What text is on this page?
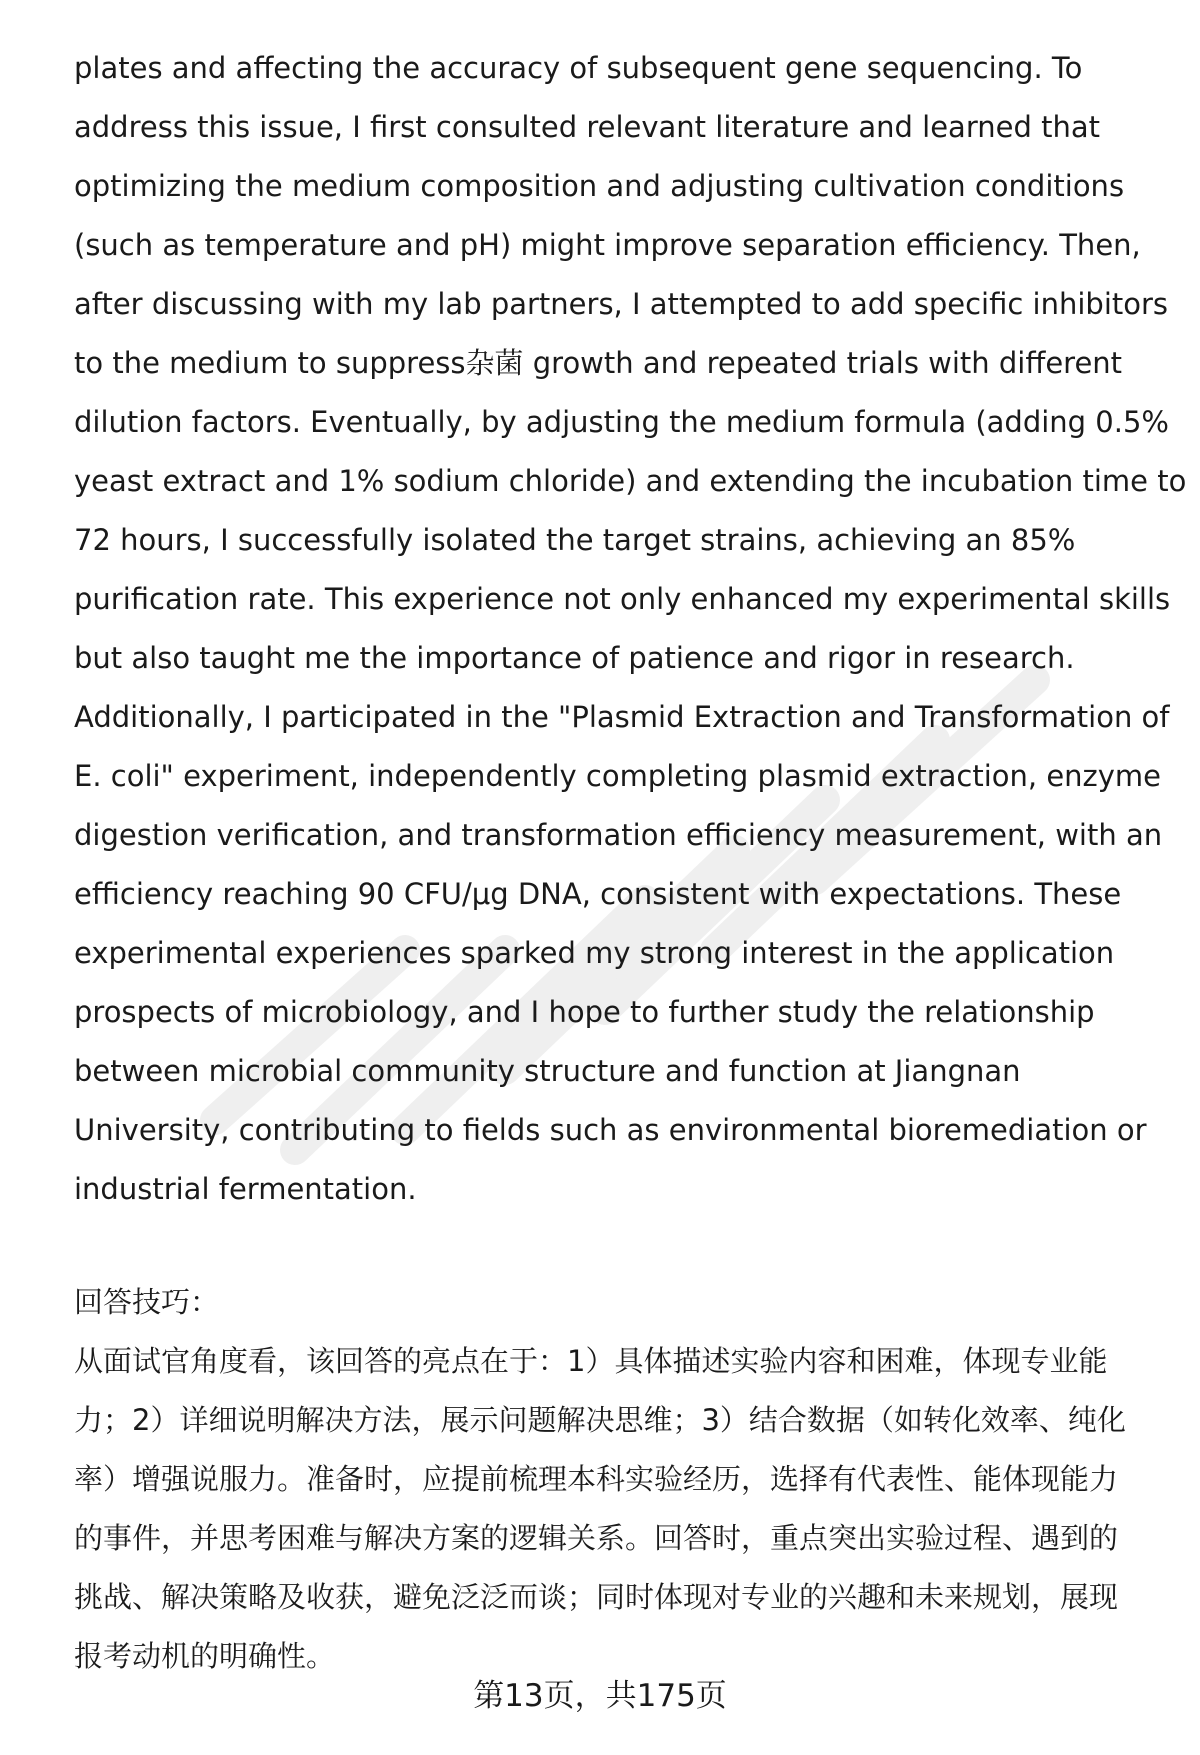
plates and affecting the accuracy of subsequent gene sequencing. To
address this issue, I first consulted relevant literature and learned that
optimizing the medium composition and adjusting cultivation conditions
(such as temperature and pH) might improve separation efficiency. Then,
after discussing with my lab partners, I attempted to add specific inhibitors
to the medium to suppress杂菌 growth and repeated trials with different
dilution factors. Eventually, by adjusting the medium formula (adding 0.5%
yeast extract and 1% sodium chloride) and extending the incubation time to
72 hours, I successfully isolated the target strains, achieving an 85%
purification rate. This experience not only enhanced my experimental skills
but also taught me the importance of patience and rigor in research.
Additionally, I participated in the "Plasmid Extraction and Transformation of
E. coli" experiment, independently completing plasmid extraction, enzyme
digestion verification, and transformation efficiency measurement, with an
efficiency reaching 90 CFU/μg DNA, consistent with expectations. These
experimental experiences sparked my strong interest in the application
prospects of microbiology, and I hope to further study the relationship
between microbial community structure and function at Jiangnan
University, contributing to fields such as environmental bioremediation or
industrial fermentation.
回答技巧：
从面试官角度看，该回答的亮点在于：1）具体描述实验内容和困难，体现专业能
力；2）详细说明解决方法，展示问题解决思维；3）结合数据（如转化效率、纯化
率）增强说服力。准备时，应提前梳理本科实验经历，选择有代表性、能体现能力
的事件，并思考困难与解决方案的逻辑关系。回答时，重点突出实验过程、遇到的
挑战、解决策略及收获，避免泛泛而谈；同时体现对专业的兴趣和未来规划，展现
报考动机的明确性。
第13页，共175页
